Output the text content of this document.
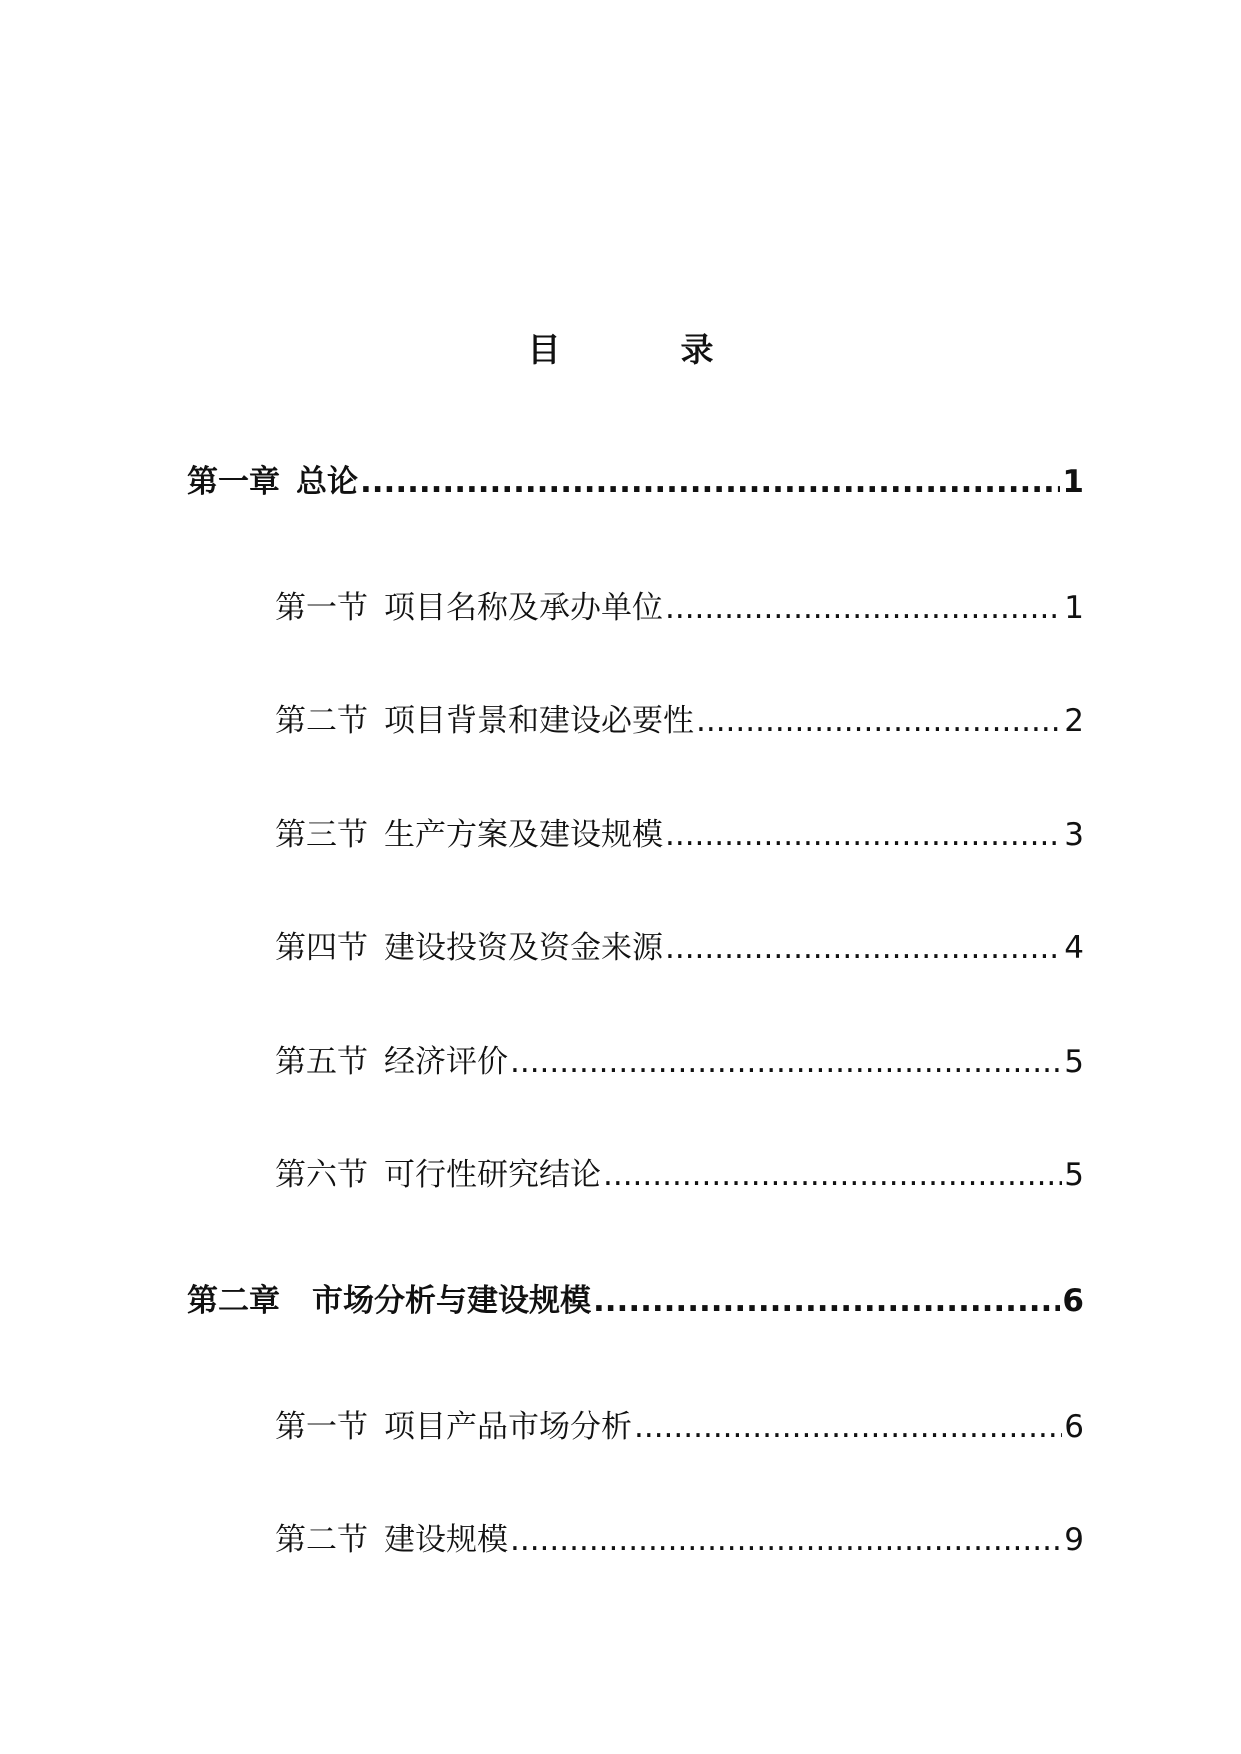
目	录
第一章 总论 .....	1
第一节 项目名称及承办单位 .....	1
第二节 项目背景和建设必要性 .....	2
第三节 生产方案及建设规模 .....	3
第四节 建设投资及资金来源 .....	4
第五节 经济评价 .....	5
第六节 可行性研究结论 .....	5
第二章 市场分析与建设规模 .....	6
第一节 项目产品市场分析 .....	6
第二节 建设规模 .....	9
